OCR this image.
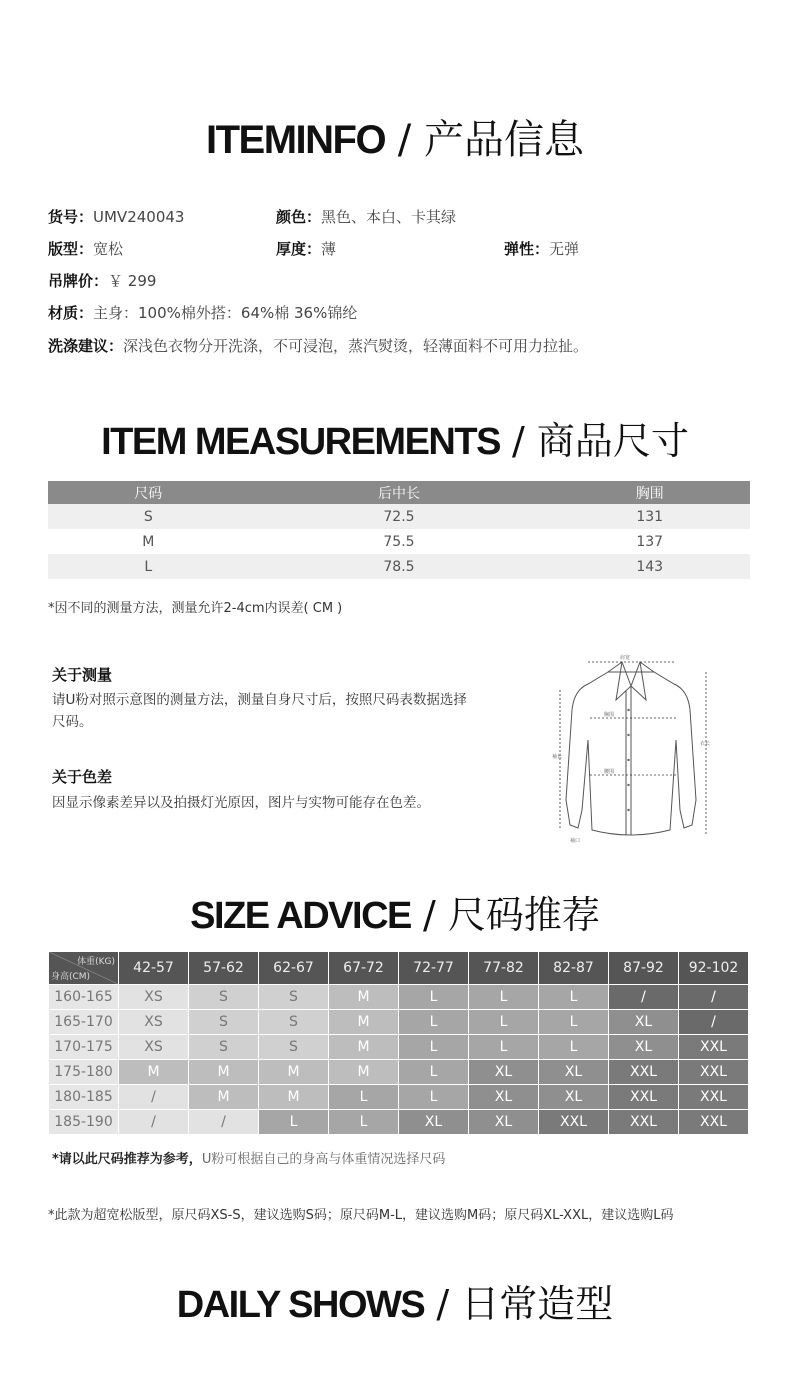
ITEMINFO / 产品信息
货号：UMV240043	颜色：黑色、本白、卡其绿
版型：宽松	厚度：薄	弹性：无弹
吊牌价：￥ 299
材质：主身：100%棉外搭：64%棉 36%锦纶
洗涤建议：深浅色衣物分开洗涤，不可浸泡，蒸汽熨烫，轻薄面料不可用力拉扯。
ITEM MEASUREMENTS / 商品尺寸
尺码	后中长	胸围
S	72.5	131
M	75.5	137
L	78.5	143
*因不同的测量方法，测量允许2-4cm内误差( CM )
关于测量
请U粉对照示意图的测量方法，测量自身尺寸后，按照尺码表数据选择尺码。
关于色差
因显示像素差异以及拍摄灯光原因，图片与实物可能存在色差。
肩宽
胸围
腰围
衣长
袖长
袖口
SIZE ADVICE / 尺码推荐
体重(KG)
身高(CM)	42-57	57-62	62-67	67-72	72-77	77-82	82-87	87-92	92-102
160-165	XS	S	S	M	L	L	L	/	/
165-170	XS	S	S	M	L	L	L	XL	/
170-175	XS	S	S	M	L	L	L	XL	XXL
175-180	M	M	M	M	L	XL	XL	XXL	XXL
180-185	/	M	M	L	L	XL	XL	XXL	XXL
185-190	/	/	L	L	XL	XL	XXL	XXL	XXL
*请以此尺码推荐为参考，U粉可根据自己的身高与体重情况选择尺码
*此款为超宽松版型，原尺码XS-S，建议选购S码；原尺码M-L，建议选购M码；原尺码XL-XXL，建议选购L码
DAILY SHOWS / 日常造型
